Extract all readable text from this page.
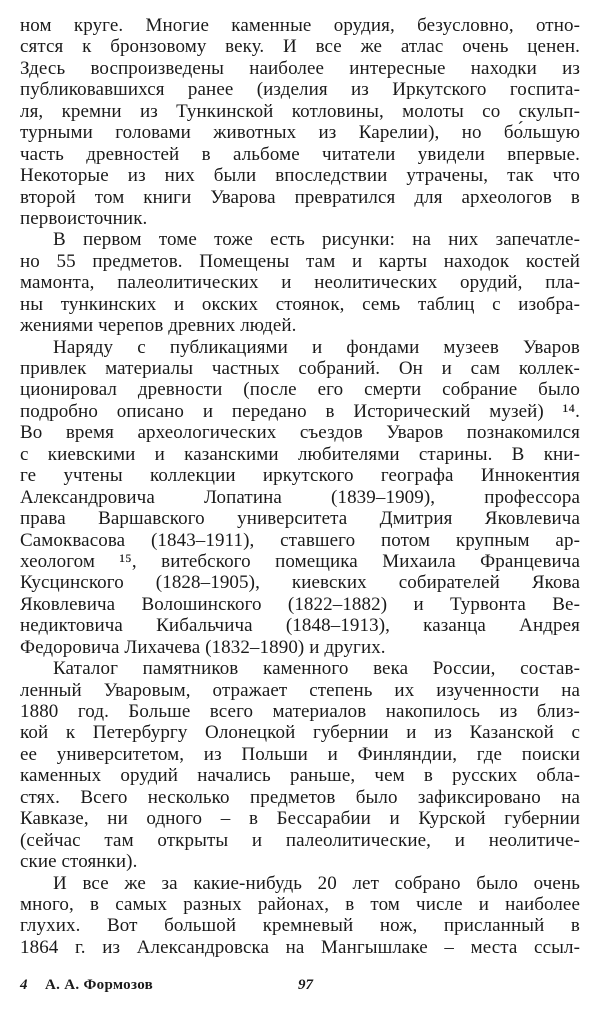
ном круге. Многие каменные орудия, безусловно, отно-
сятся к бронзовому веку. И все же атлас очень ценен.
Здесь воспроизведены наиболее интересные находки из
публиковавшихся ранее (изделия из Иркутского госпита-
ля, кремни из Тункинской котловины, молоты со скульп-
турными головами животных из Карелии), но бо́льшую
часть древностей в альбоме читатели увидели впервые.
Некоторые из них были впоследствии утрачены, так что
второй том книги Уварова превратился для археологов в
первоисточник.
В первом томе тоже есть рисунки: на них запечатле-
но 55 предметов. Помещены там и карты находок костей
мамонта, палеолитических и неолитических орудий, пла-
ны тункинских и окских стоянок, семь таблиц с изобра-
жениями черепов древних людей.
Наряду с публикациями и фондами музеев Уваров
привлек материалы частных собраний. Он и сам коллек-
ционировал древности (после его смерти собрание было
подробно описано и передано в Исторический музей) ¹⁴.
Во время археологических съездов Уваров познакомился
с киевскими и казанскими любителями старины. В кни-
ге учтены коллекции иркутского географа Иннокентия
Александровича Лопатина (1839–1909), профессора
права Варшавского университета Дмитрия Яковлевича
Самоквасова (1843–1911), ставшего потом крупным ар-
хеологом ¹⁵, витебского помещика Михаила Францевича
Кусцинского (1828–1905), киевских собирателей Якова
Яковлевича Волошинского (1822–1882) и Турвонта Ве-
недиктовича Кибальчича (1848–1913), казанца Андрея
Федоровича Лихачева (1832–1890) и других.
Каталог памятников каменного века России, состав-
ленный Уваровым, отражает степень их изученности на
1880 год. Больше всего материалов накопилось из близ-
кой к Петербургу Олонецкой губернии и из Казанской с
ее университетом, из Польши и Финляндии, где поиски
каменных орудий начались раньше, чем в русских обла-
стях. Всего несколько предметов было зафиксировано на
Кавказе, ни одного – в Бессарабии и Курской губернии
(сейчас там открыты и палеолитические, и неолитиче-
ские стоянки).
И все же за какие-нибудь 20 лет собрано было очень
много, в самых разных районах, в том числе и наиболее
глухих. Вот большой кремневый нож, присланный в
1864 г. из Александровска на Мангышлаке – места ссыл-
4 А. А. Формозов	97
